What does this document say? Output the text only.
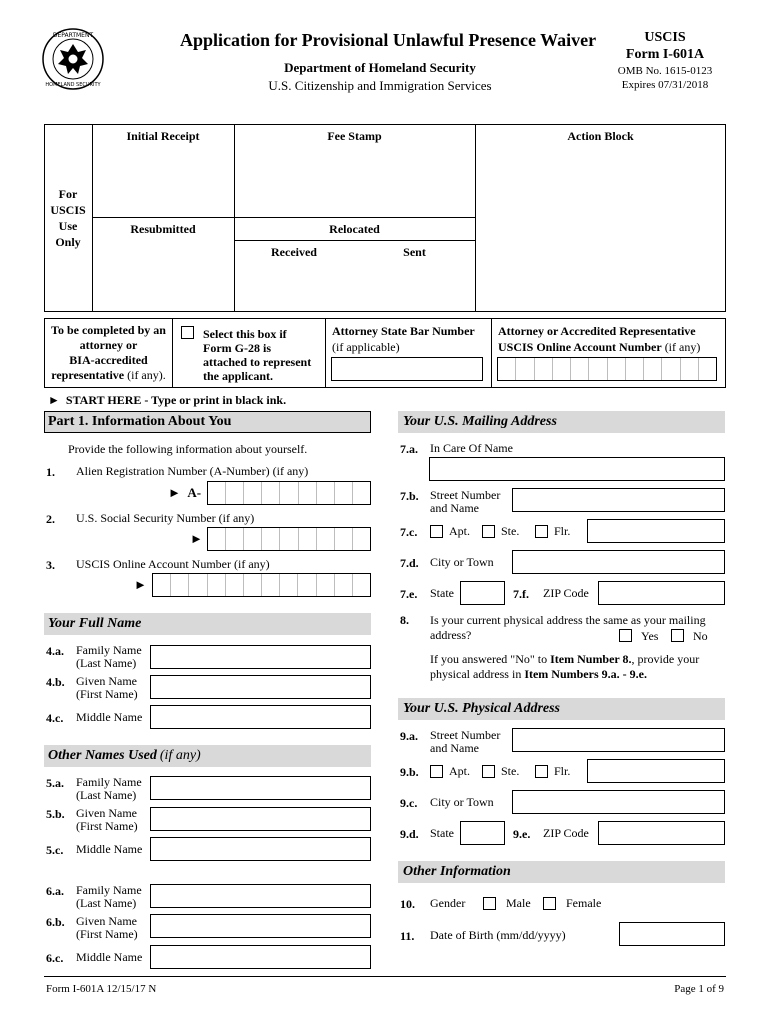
DEPARTMENT
HOMELAND SECURITY
Application for Provisional Unlawful Presence Waiver
Department of Homeland Security
U.S. Citizenship and Immigration Services
USCIS
Form I-601A
OMB No. 1615-0123
Expires 07/31/2018
For USCIS Use Only
Initial Receipt	Fee Stamp	Action Block
Resubmitted	Relocated
Received	Sent
To be completed by an
attorney or
BIA-accredited
representative (if any).
Select this box if
Form G-28 is
attached to represent
the applicant.
Attorney State Bar Number
(if applicable)
Attorney or Accredited Representative
USCIS Online Account Number (if any)
► START HERE - Type or print in black ink.
Part 1. Information About You
Provide the following information about yourself.
1. Alien Registration Number (A-Number) (if any)
► A-
2. U.S. Social Security Number (if any)
►
3. USCIS Online Account Number (if any)
►
Your Full Name
4.a. Family Name
(Last Name)
4.b. Given Name
(First Name)
4.c. Middle Name
Other Names Used (if any)
5.a. Family Name
(Last Name)
5.b. Given Name
(First Name)
5.c. Middle Name
6.a. Family Name
(Last Name)
6.b. Given Name
(First Name)
6.c. Middle Name
Your U.S. Mailing Address
7.a. In Care Of Name
7.b. Street Number
and Name
7.c.	Apt.	Ste.	Flr.
7.d. City or Town
7.e. State	7.f. ZIP Code
8. Is your current physical address the same as your mailing
address?	Yes	No
If you answered "No" to Item Number 8., provide your
physical address in Item Numbers 9.a. - 9.e.
Your U.S. Physical Address
9.a. Street Number
and Name
9.b.	Apt.	Ste.	Flr.
9.c. City or Town
9.d. State	9.e. ZIP Code
Other Information
10. Gender	Male	Female
11. Date of Birth (mm/dd/yyyy)
Form I-601A 12/15/17 N	Page 1 of 9
